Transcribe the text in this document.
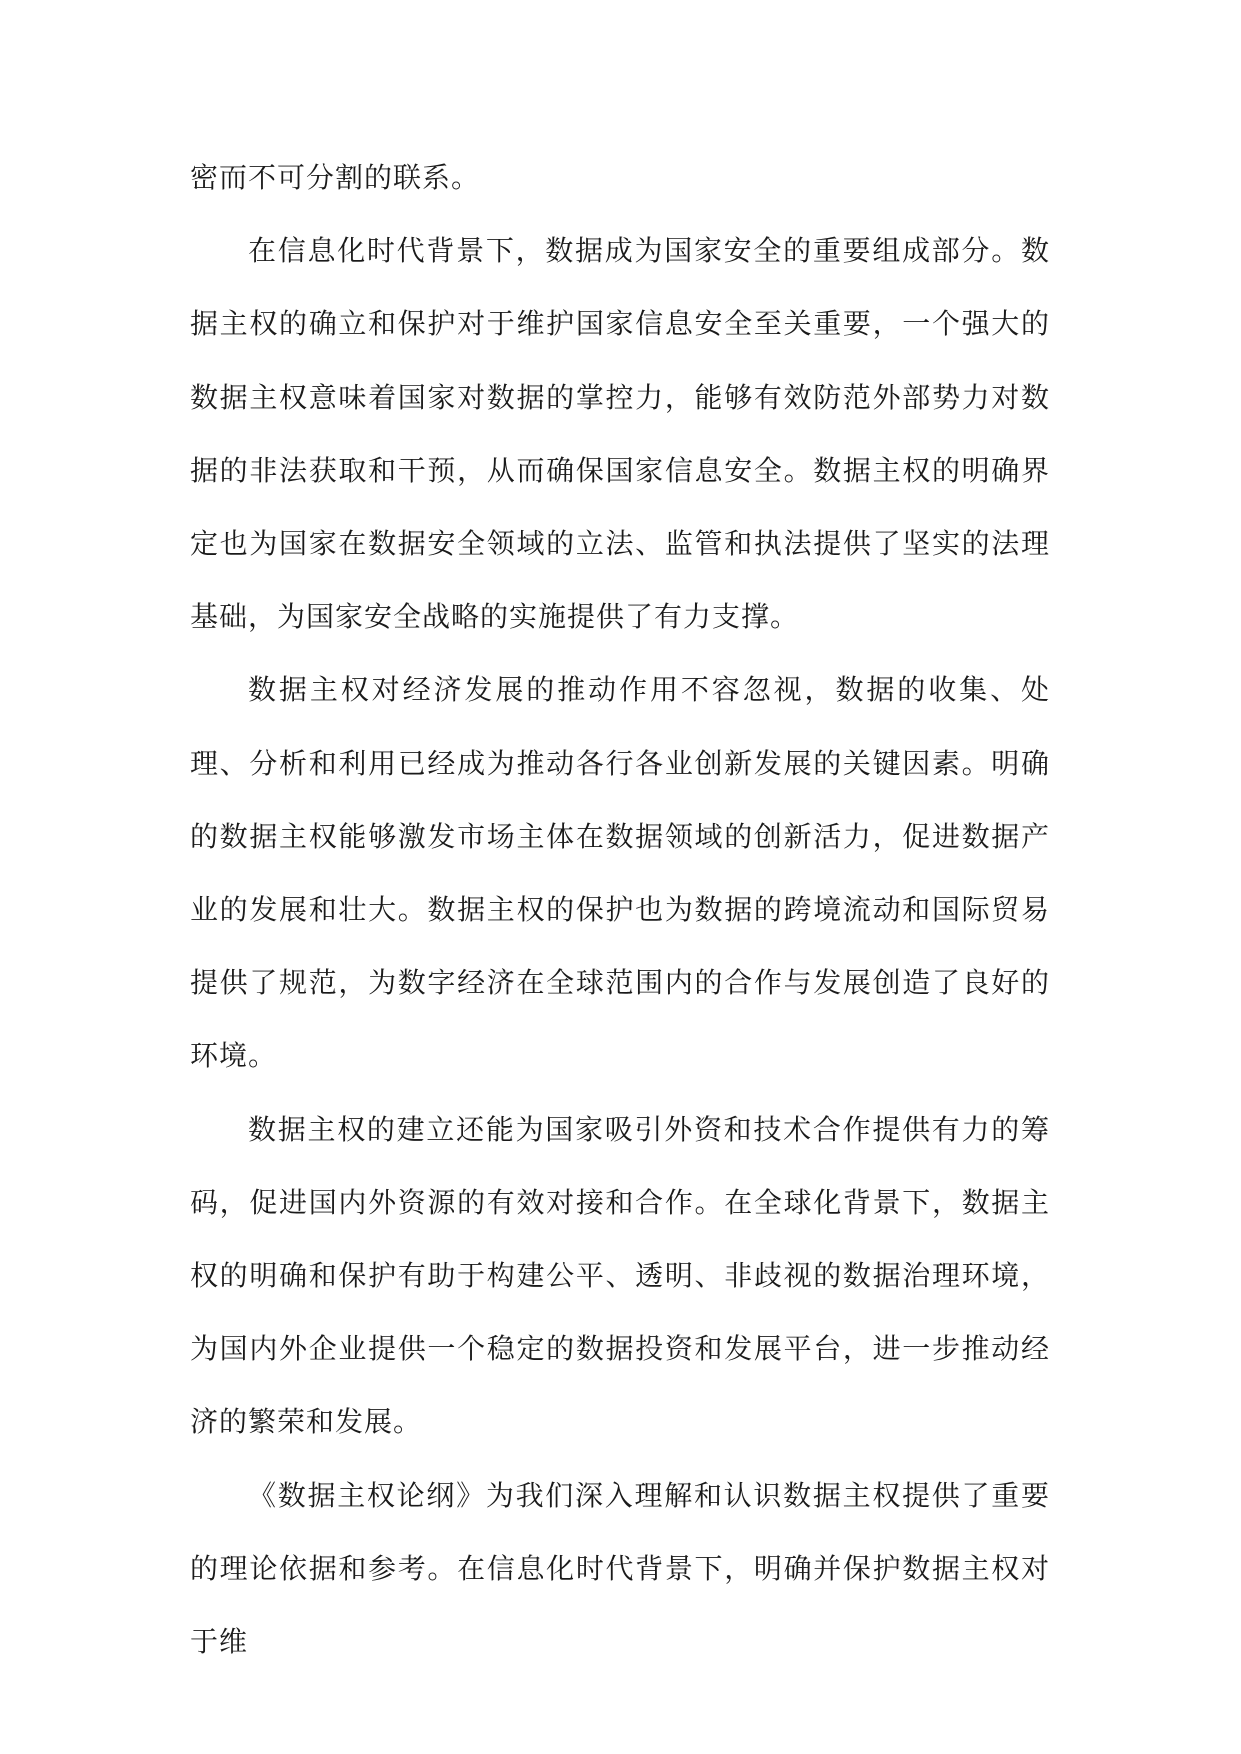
密而不可分割的联系。

在信息化时代背景下，数据成为国家安全的重要组成部分。数据主权的确立和保护对于维护国家信息安全至关重要，一个强大的数据主权意味着国家对数据的掌控力，能够有效防范外部势力对数据的非法获取和干预，从而确保国家信息安全。数据主权的明确界定也为国家在数据安全领域的立法、监管和执法提供了坚实的法理基础，为国家安全战略的实施提供了有力支撑。

数据主权对经济发展的推动作用不容忽视，数据的收集、处理、分析和利用已经成为推动各行各业创新发展的关键因素。明确的数据主权能够激发市场主体在数据领域的创新活力，促进数据产业的发展和壮大。数据主权的保护也为数据的跨境流动和国际贸易提供了规范，为数字经济在全球范围内的合作与发展创造了良好的环境。

数据主权的建立还能为国家吸引外资和技术合作提供有力的筹码，促进国内外资源的有效对接和合作。在全球化背景下，数据主权的明确和保护有助于构建公平、透明、非歧视的数据治理环境，为国内外企业提供一个稳定的数据投资和发展平台，进一步推动经济的繁荣和发展。

《数据主权论纲》为我们深入理解和认识数据主权提供了重要的理论依据和参考。在信息化时代背景下，明确并保护数据主权对于维
